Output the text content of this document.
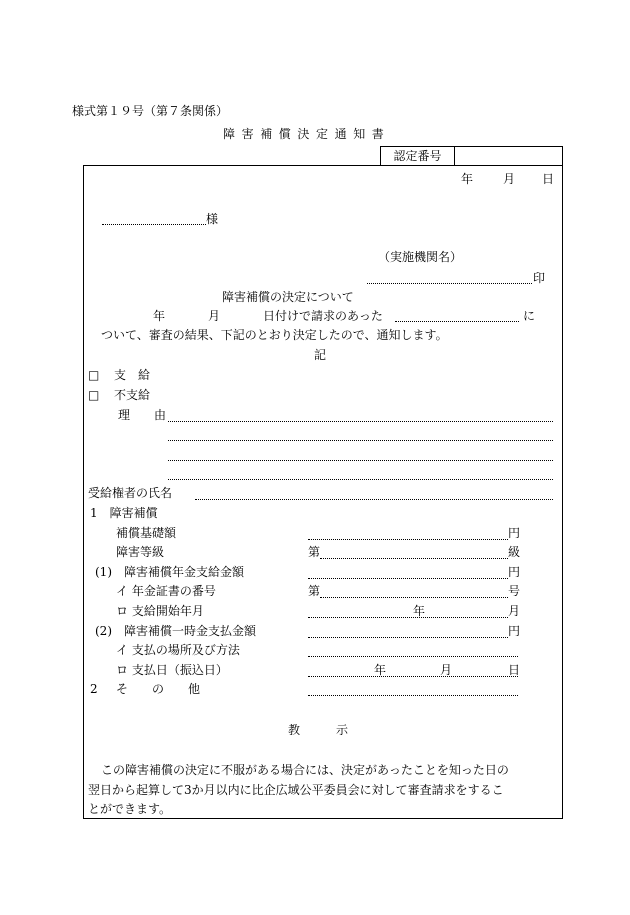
様式第１９号（第７条関係）
障害補償決定通知書
認定番号
年 月 日
様
（実施機関名）
印
障害補償の決定について
年	月	日付けで請求のあった	に
ついて、審査の結果、下記のとおり決定したので、通知します。
記
□ 支　給
□ 不支給
理　　由
受給権者の氏名
1　障害補償
補償基礎額	円
障害等級	第	級
(1)　障害補償年金支給金額	円
イ 年金証書の番号	第	号
ロ 支給開始年月	年	月
(2)　障害補償一時金支払金額	円
イ 支払の場所及び方法
ロ 支払日（振込日）	年	月	日
2 そ　　の　　他
教　　　示
この障害補償の決定に不服がある場合には、決定があったことを知った日の
翌日から起算して3か月以内に比企広域公平委員会に対して審査請求をするこ
とができます。
